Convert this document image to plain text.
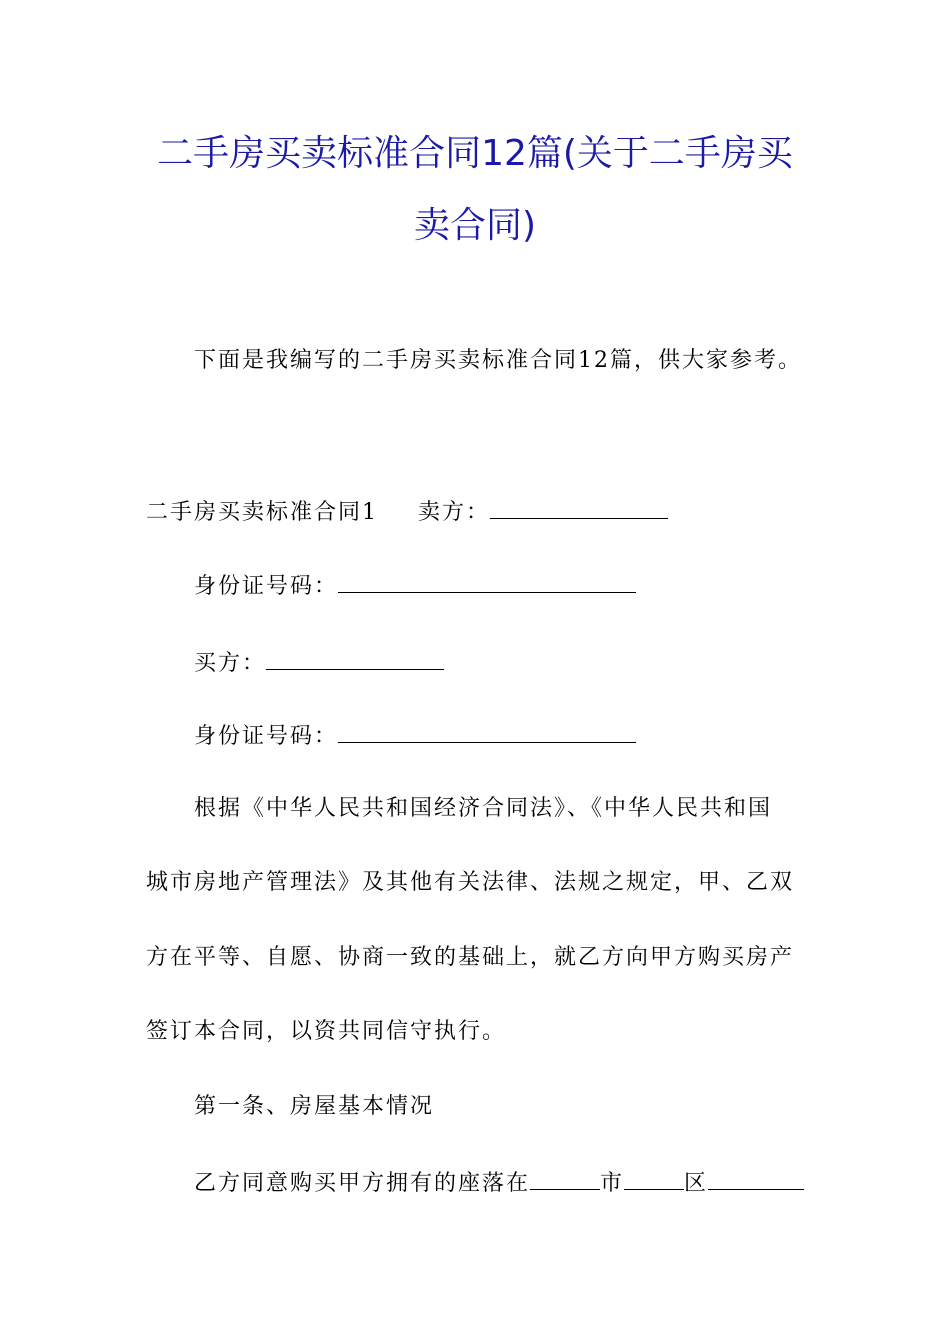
二手房买卖标准合同12篇(关于二手房买
卖合同)
下面是我编写的二手房买卖标准合同12篇，供大家参考。
二手房买卖标准合同1 卖方：
身份证号码：
买方：
身份证号码：
根据《中华人民共和国经济合同法》、《中华人民共和国
城市房地产管理法》及其他有关法律、法规之规定，甲、乙双
方在平等、自愿、协商一致的基础上，就乙方向甲方购买房产
签订本合同，以资共同信守执行。
第一条、房屋基本情况
乙方同意购买甲方拥有的座落在	市	区
